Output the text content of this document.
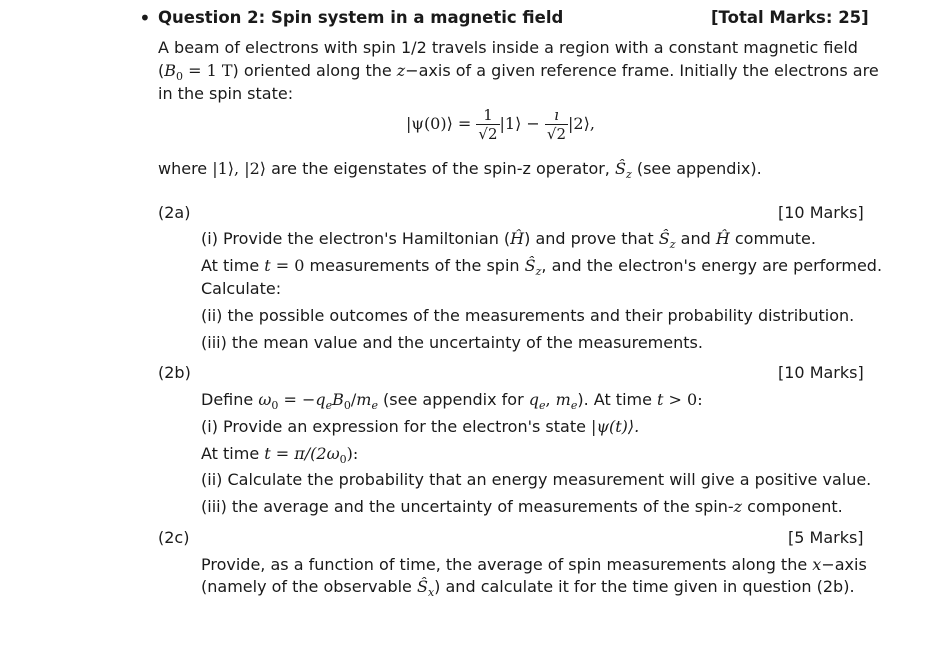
• Question 2: Spin system in a magnetic field	[Total Marks: 25]
A beam of electrons with spin 1/2 travels inside a region with a constant magnetic field
($B_0 = 1$ T) oriented along the z−axis of a given reference frame. Initially the electrons are
in the spin state:
|ψ(0)⟩ = $\frac{1}{√2}$ |1⟩ − $\frac{ı}{√2}$ |2⟩,
where |1⟩, |2⟩ are the eigenstates of the spin-z operator, $Ŝ_z$ (see appendix).
(2a)	[10 Marks]
(i) Provide the electron's Hamiltonian (Ĥ) and prove that $Ŝ_z$ and Ĥ commute.
At time t = 0 measurements of the spin $Ŝ_z$, and the electron's energy are performed.
Calculate:
(ii) the possible outcomes of the measurements and their probability distribution.
(iii) the mean value and the uncertainty of the measurements.
(2b)	[10 Marks]
Define $\omega_0 = -q_eB_0/m_e$ (see appendix for $q_e$, $m_e$). At time t > 0:
(i) Provide an expression for the electron's state |ψ(t)⟩.
At time $t = \pi/(2\omega_0)$:
(ii) Calculate the probability that an energy measurement will give a positive value.
(iii) the average and the uncertainty of measurements of the spin-z component.
(2c)	[5 Marks]
Provide, as a function of time, the average of spin measurements along the x−axis
(namely of the observable $Ŝ_x$) and calculate it for the time given in question (2b).
